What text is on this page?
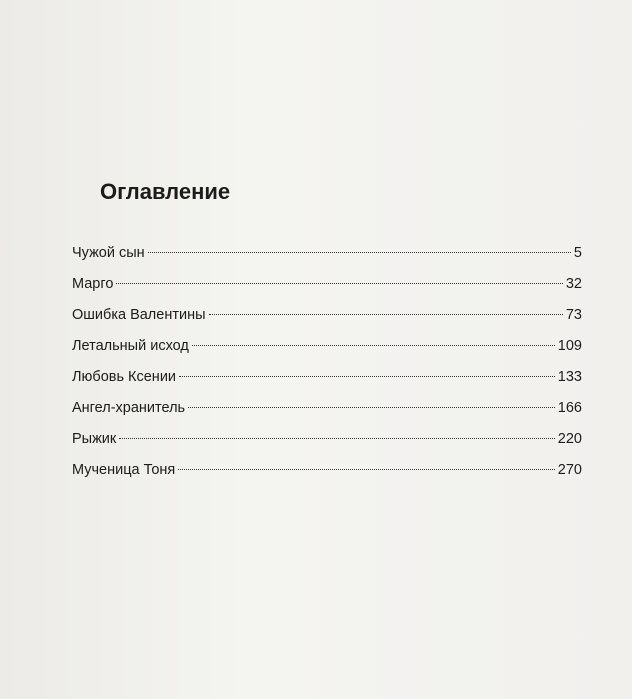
Оглавление
Чужой сын	5
Марго	32
Ошибка Валентины	73
Летальный исход	109
Любовь Ксении	133
Ангел-хранитель	166
Рыжик	220
Мученица Тоня	270
